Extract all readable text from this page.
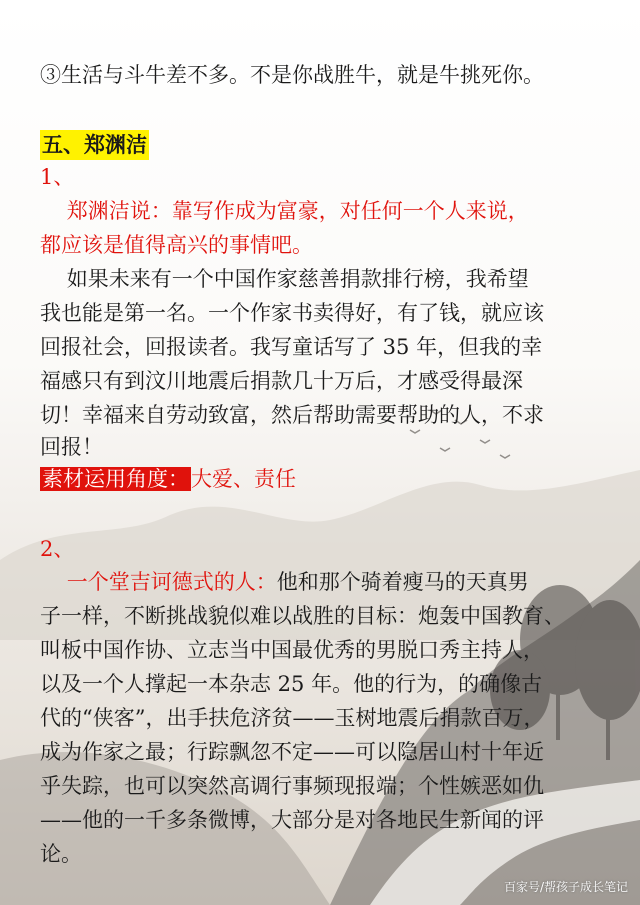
③生活与斗牛差不多。不是你战胜牛，就是牛挑死你。
五、郑渊洁
1、
郑渊洁说：靠写作成为富豪，对任何一个人来说，
都应该是值得高兴的事情吧。
如果未来有一个中国作家慈善捐款排行榜，我希望
我也能是第一名。一个作家书卖得好，有了钱，就应该
回报社会，回报读者。我写童话写了 35 年，但我的幸
福感只有到汶川地震后捐款几十万后，才感受得最深
切！幸福来自劳动致富，然后帮助需要帮助的人，不求
回报！
素材运用角度：大爱、责任
2、
一个堂吉诃德式的人：他和那个骑着瘦马的天真男
子一样，不断挑战貌似难以战胜的目标：炮轰中国教育、
叫板中国作协、立志当中国最优秀的男脱口秀主持人，
以及一个人撑起一本杂志 25 年。他的行为，的确像古
代的“侠客”，出手扶危济贫——玉树地震后捐款百万，
成为作家之最；行踪飘忽不定——可以隐居山村十年近
乎失踪，也可以突然高调行事频现报端；个性嫉恶如仇
——他的一千多条微博，大部分是对各地民生新闻的评
论。
百家号/帮孩子成长笔记
